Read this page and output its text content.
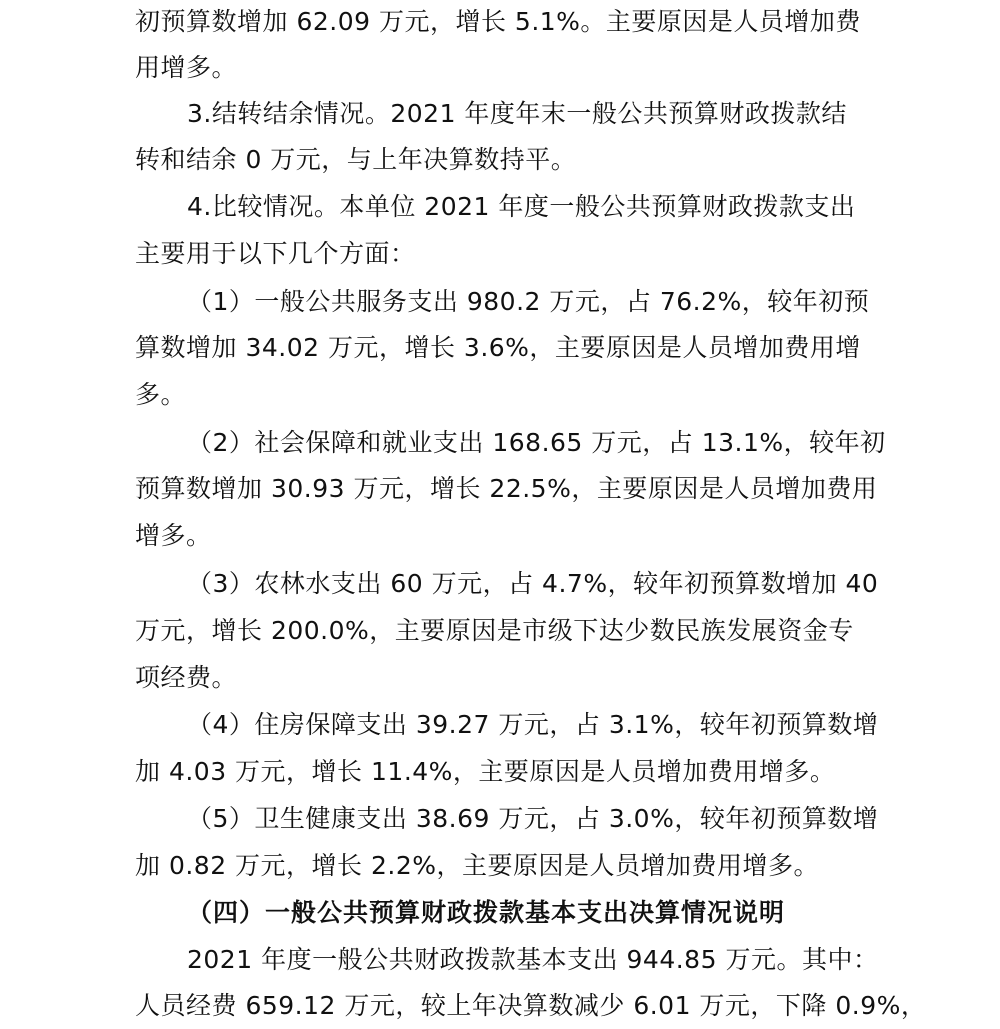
初预算数增加 62.09 万元，增长 5.1%。主要原因是人员增加费
用增多。
3.结转结余情况。2021 年度年末一般公共预算财政拨款结
转和结余 0 万元，与上年决算数持平。
4.比较情况。本单位 2021 年度一般公共预算财政拨款支出
主要用于以下几个方面：
（1）一般公共服务支出 980.2 万元，占 76.2%，较年初预
算数增加 34.02 万元，增长 3.6%，主要原因是人员增加费用增
多。
（2）社会保障和就业支出 168.65 万元，占 13.1%，较年初
预算数增加 30.93 万元，增长 22.5%，主要原因是人员增加费用
增多。
（3）农林水支出 60 万元，占 4.7%，较年初预算数增加 40
万元，增长 200.0%，主要原因是市级下达少数民族发展资金专
项经费。
（4）住房保障支出 39.27 万元，占 3.1%，较年初预算数增
加 4.03 万元，增长 11.4%，主要原因是人员增加费用增多。
（5）卫生健康支出 38.69 万元，占 3.0%，较年初预算数增
加 0.82 万元，增长 2.2%，主要原因是人员增加费用增多。
（四）一般公共预算财政拨款基本支出决算情况说明
2021 年度一般公共财政拨款基本支出 944.85 万元。其中：
人员经费 659.12 万元，较上年决算数减少 6.01 万元，下降 0.9%，
